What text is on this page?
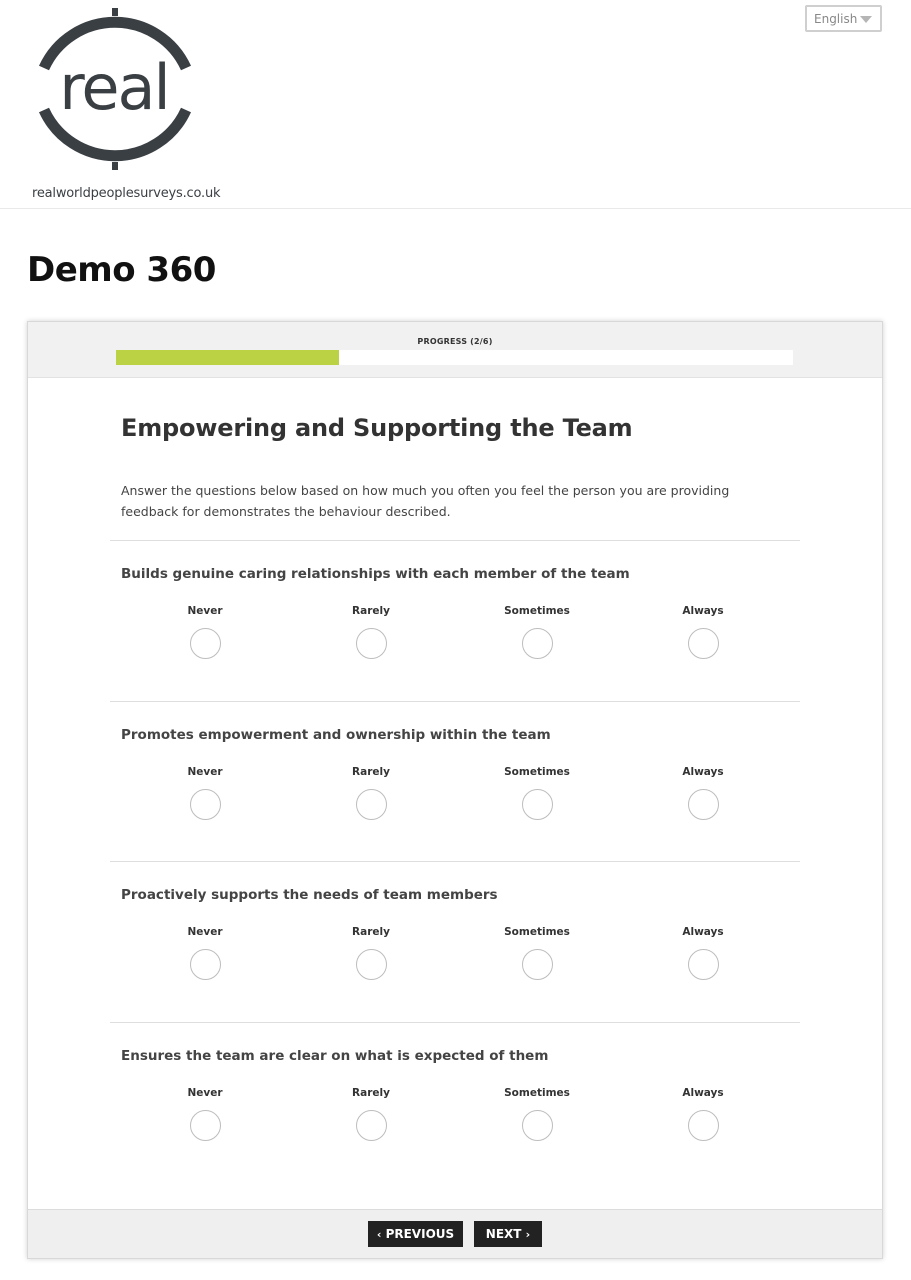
real
realworldpeoplesurveys.co.uk
English
Demo 360
PROGRESS (2/6)
Empowering and Supporting the Team

Answer the questions below based on how much you often you feel the person you are providing feedback for demonstrates the behaviour described.

Builds genuine caring relationships with each member of the team
Never	Rarely	Sometimes	Always
Promotes empowerment and ownership within the team
Never	Rarely	Sometimes	Always
Proactively supports the needs of team members
Never	Rarely	Sometimes	Always
Ensures the team are clear on what is expected of them
Never	Rarely	Sometimes	Always
‹ PREVIOUS	NEXT ›
